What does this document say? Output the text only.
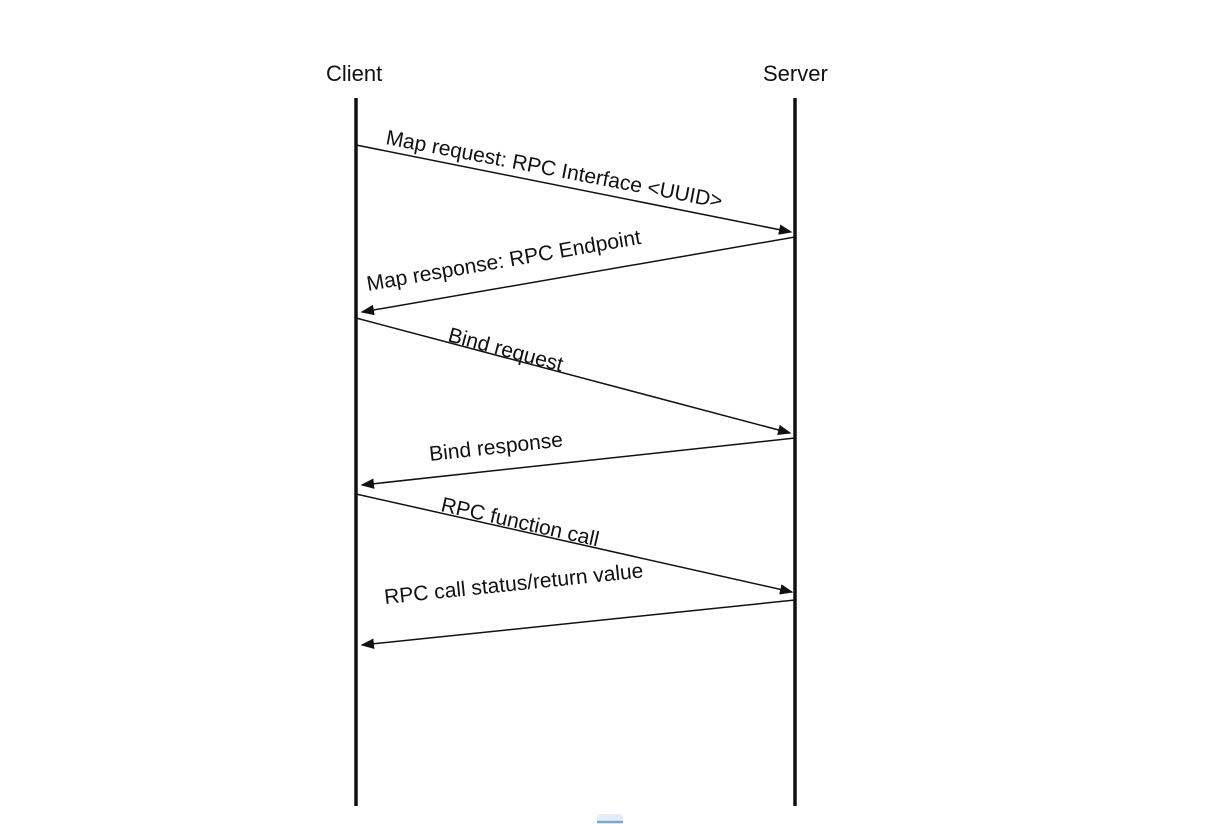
Client	Server
Map request: RPC Interface <UUID>
Map response: RPC Endpoint
Bind request
Bind response
RPC function call
RPC call status/return value
